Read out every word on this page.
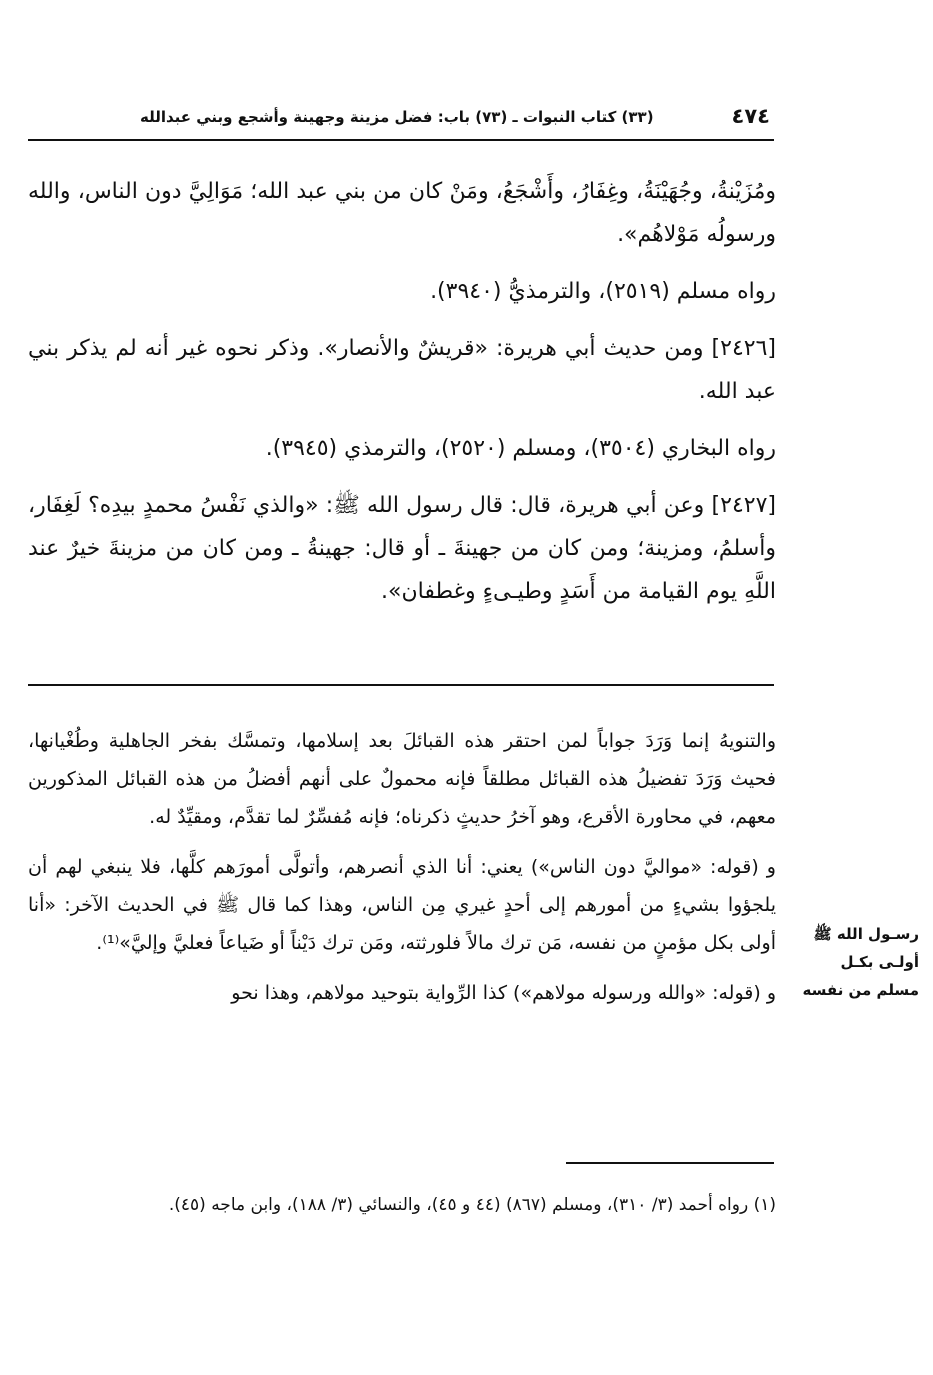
٤٧٤
(٣٣) كتاب النبوات ـ (٧٣) باب: فضل مزينة وجهينة وأشجع وبني عبدالله

ومُزَيْنةُ، وجُهَيْنَةُ، وغِفَارُ، وأَشْجَعُ، ومَنْ كان من بني عبد الله؛ مَوَالِيَّ دون الناس، والله ورسولُه مَوْلاهُم».

رواه مسلم (٢٥١٩)، والترمذيُّ (٣٩٤٠).

[٢٤٢٦] ومن حديث أبي هريرة: «قريشٌ والأنصار». وذكر نحوه غير أنه لم يذكر بني عبد الله.

رواه البخاري (٣٥٠٤)، ومسلم (٢٥٢٠)، والترمذي (٣٩٤٥).

[٢٤٢٧] وعن أبي هريرة، قال: قال رسول الله ﷺ: «والذي نَفْسُ محمدٍ بيدِه؟ لَغِفَار، وأسلمُ، ومزينة؛ ومن كان من جهينةَ ـ أو قال: جهينةُ ـ ومن كان من مزينةَ خيرٌ عند اللَّهِ يوم القيامة من أَسَدٍ وطيـىءٍ وغطفان».

والتنويهُ إنما وَرَدَ جواباً لمن احتقر هذه القبائلَ بعد إسلامها، وتمسَّك بفخر الجاهلية وطُغْيانها، فحيث وَرَدَ تفضيلُ هذه القبائل مطلقاً فإنه محمولٌ على أنهم أفضلُ من هذه القبائل المذكورين معهم، في محاورة الأقرع، وهو آخرُ حديثٍ ذكرناه؛ فإنه مُفسِّرٌ لما تقدَّم، ومقيِّدٌ له.

و (قوله: «مواليَّ دون الناس») يعني: أنا الذي أنصرهم، وأتولَّى أمورَهم كلَّها، فلا ينبغي لهم أن يلجؤوا بشيءٍ من أمورهم إلى أحدٍ غيري مِن الناس، وهذا كما قال ﷺ في الحديث الآخر: «أنا أولى بكل مؤمنٍ من نفسه، مَن ترك مالاً فلورثته، ومَن ترك دَيْناً أو ضَياعاً فعليَّ وإليَّ»⁽¹⁾.

و (قوله: «والله ورسوله مولاهم») كذا الرِّواية بتوحيد مولاهم، وهذا نحو

رسـول الله ﷺ
أولـى بكـل
مسلم من نفسه

(١) رواه أحمد (٣/ ٣١٠)، ومسلم (٨٦٧) (٤٤ و ٤٥)، والنسائي (٣/ ١٨٨)، وابن ماجه (٤٥).
